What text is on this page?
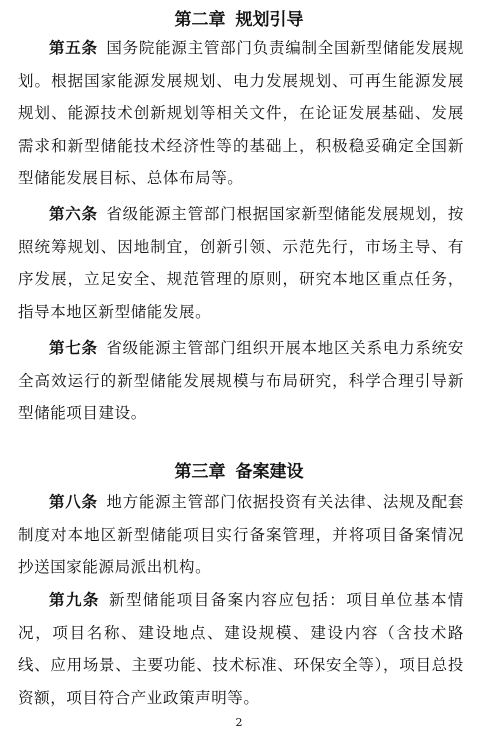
第二章 规划引导

第五条  国务院能源主管部门负责编制全国新型储能发展规划。根据国家能源发展规划、电力发展规划、可再生能源发展规划、能源技术创新规划等相关文件，在论证发展基础、发展需求和新型储能技术经济性等的基础上，积极稳妥确定全国新型储能发展目标、总体布局等。

第六条  省级能源主管部门根据国家新型储能发展规划，按照统筹规划、因地制宜，创新引领、示范先行，市场主导、有序发展，立足安全、规范管理的原则，研究本地区重点任务，指导本地区新型储能发展。

第七条  省级能源主管部门组织开展本地区关系电力系统安全高效运行的新型储能发展规模与布局研究，科学合理引导新型储能项目建设。

第三章 备案建设

第八条  地方能源主管部门依据投资有关法律、法规及配套制度对本地区新型储能项目实行备案管理，并将项目备案情况抄送国家能源局派出机构。

第九条  新型储能项目备案内容应包括：项目单位基本情况，项目名称、建设地点、建设规模、建设内容（含技术路线、应用场景、主要功能、技术标准、环保安全等），项目总投资额，项目符合产业政策声明等。

2
